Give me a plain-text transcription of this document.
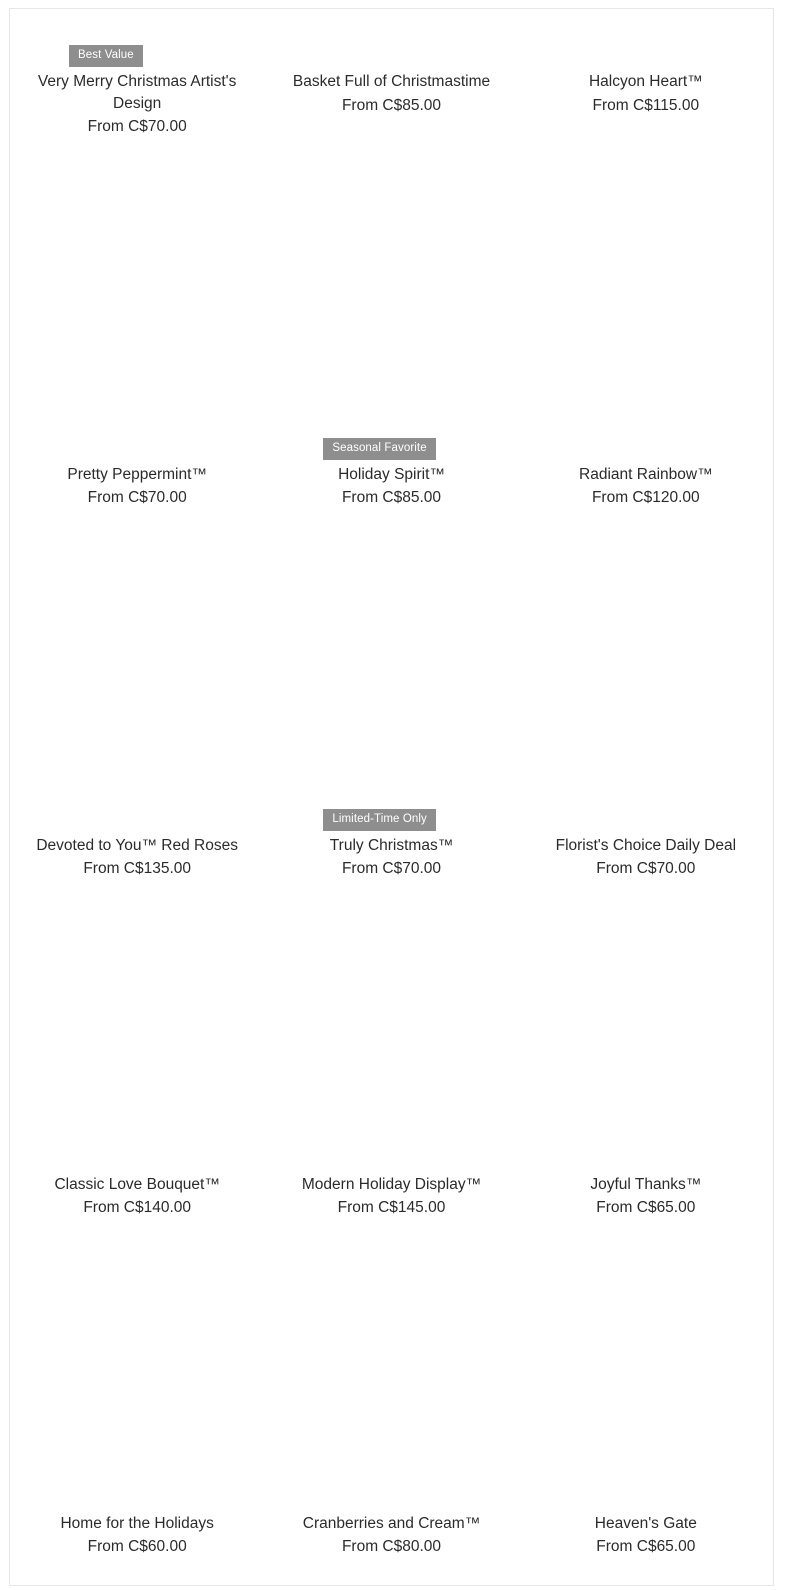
Best Value
Very Merry Christmas Artist's Design
From C$70.00
Basket Full of Christmastime
From C$85.00
Halcyon Heart™
From C$115.00
Pretty Peppermint™
From C$70.00
Seasonal Favorite
Holiday Spirit™
From C$85.00
Radiant Rainbow™
From C$120.00
Devoted to You™ Red Roses
From C$135.00
Limited-Time Only
Truly Christmas™
From C$70.00
Florist's Choice Daily Deal
From C$70.00
Classic Love Bouquet™
From C$140.00
Modern Holiday Display™
From C$145.00
Joyful Thanks™
From C$65.00
Home for the Holidays
From C$60.00
Cranberries and Cream™
From C$80.00
Heaven's Gate
From C$65.00
